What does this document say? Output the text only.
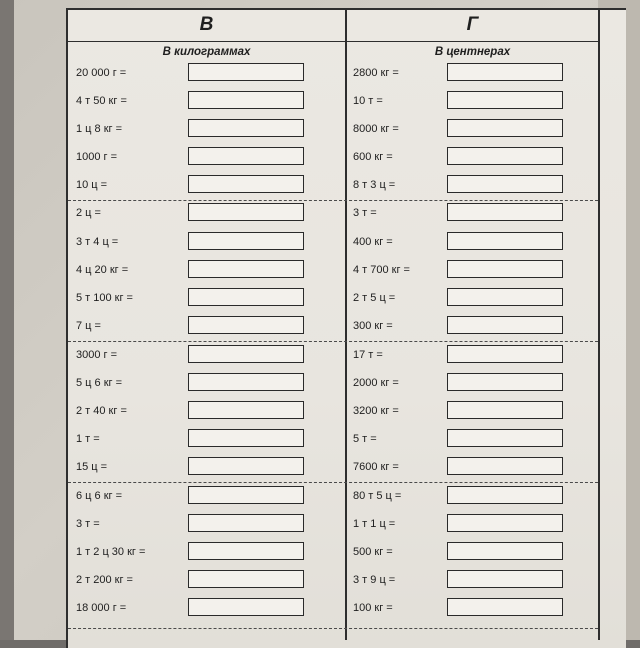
В	Г
В килограммах	В центнерах
20 000 г =
4 т 50 кг =
1 ц 8 кг =
1000 г =
10 ц =
2 ц =
3 т 4 ц =
4 ц 20 кг =
5 т 100 кг =
7 ц =
3000 г =
5 ц 6 кг =
2 т 40 кг =
1 т =
15 ц =
6 ц 6 кг =
3 т =
1 т 2 ц 30 кг =
2 т 200 кг =
18 000 г =
2800 кг =
10 т =
8000 кг =
600 кг =
8 т 3 ц =
3 т =
400 кг =
4 т 700 кг =
2 т 5 ц =
300 кг =
17 т =
2000 кг =
3200 кг =
5 т =
7600 кг =
80 т 5 ц =
1 т 1 ц =
500 кг =
3 т 9 ц =
100 кг =
